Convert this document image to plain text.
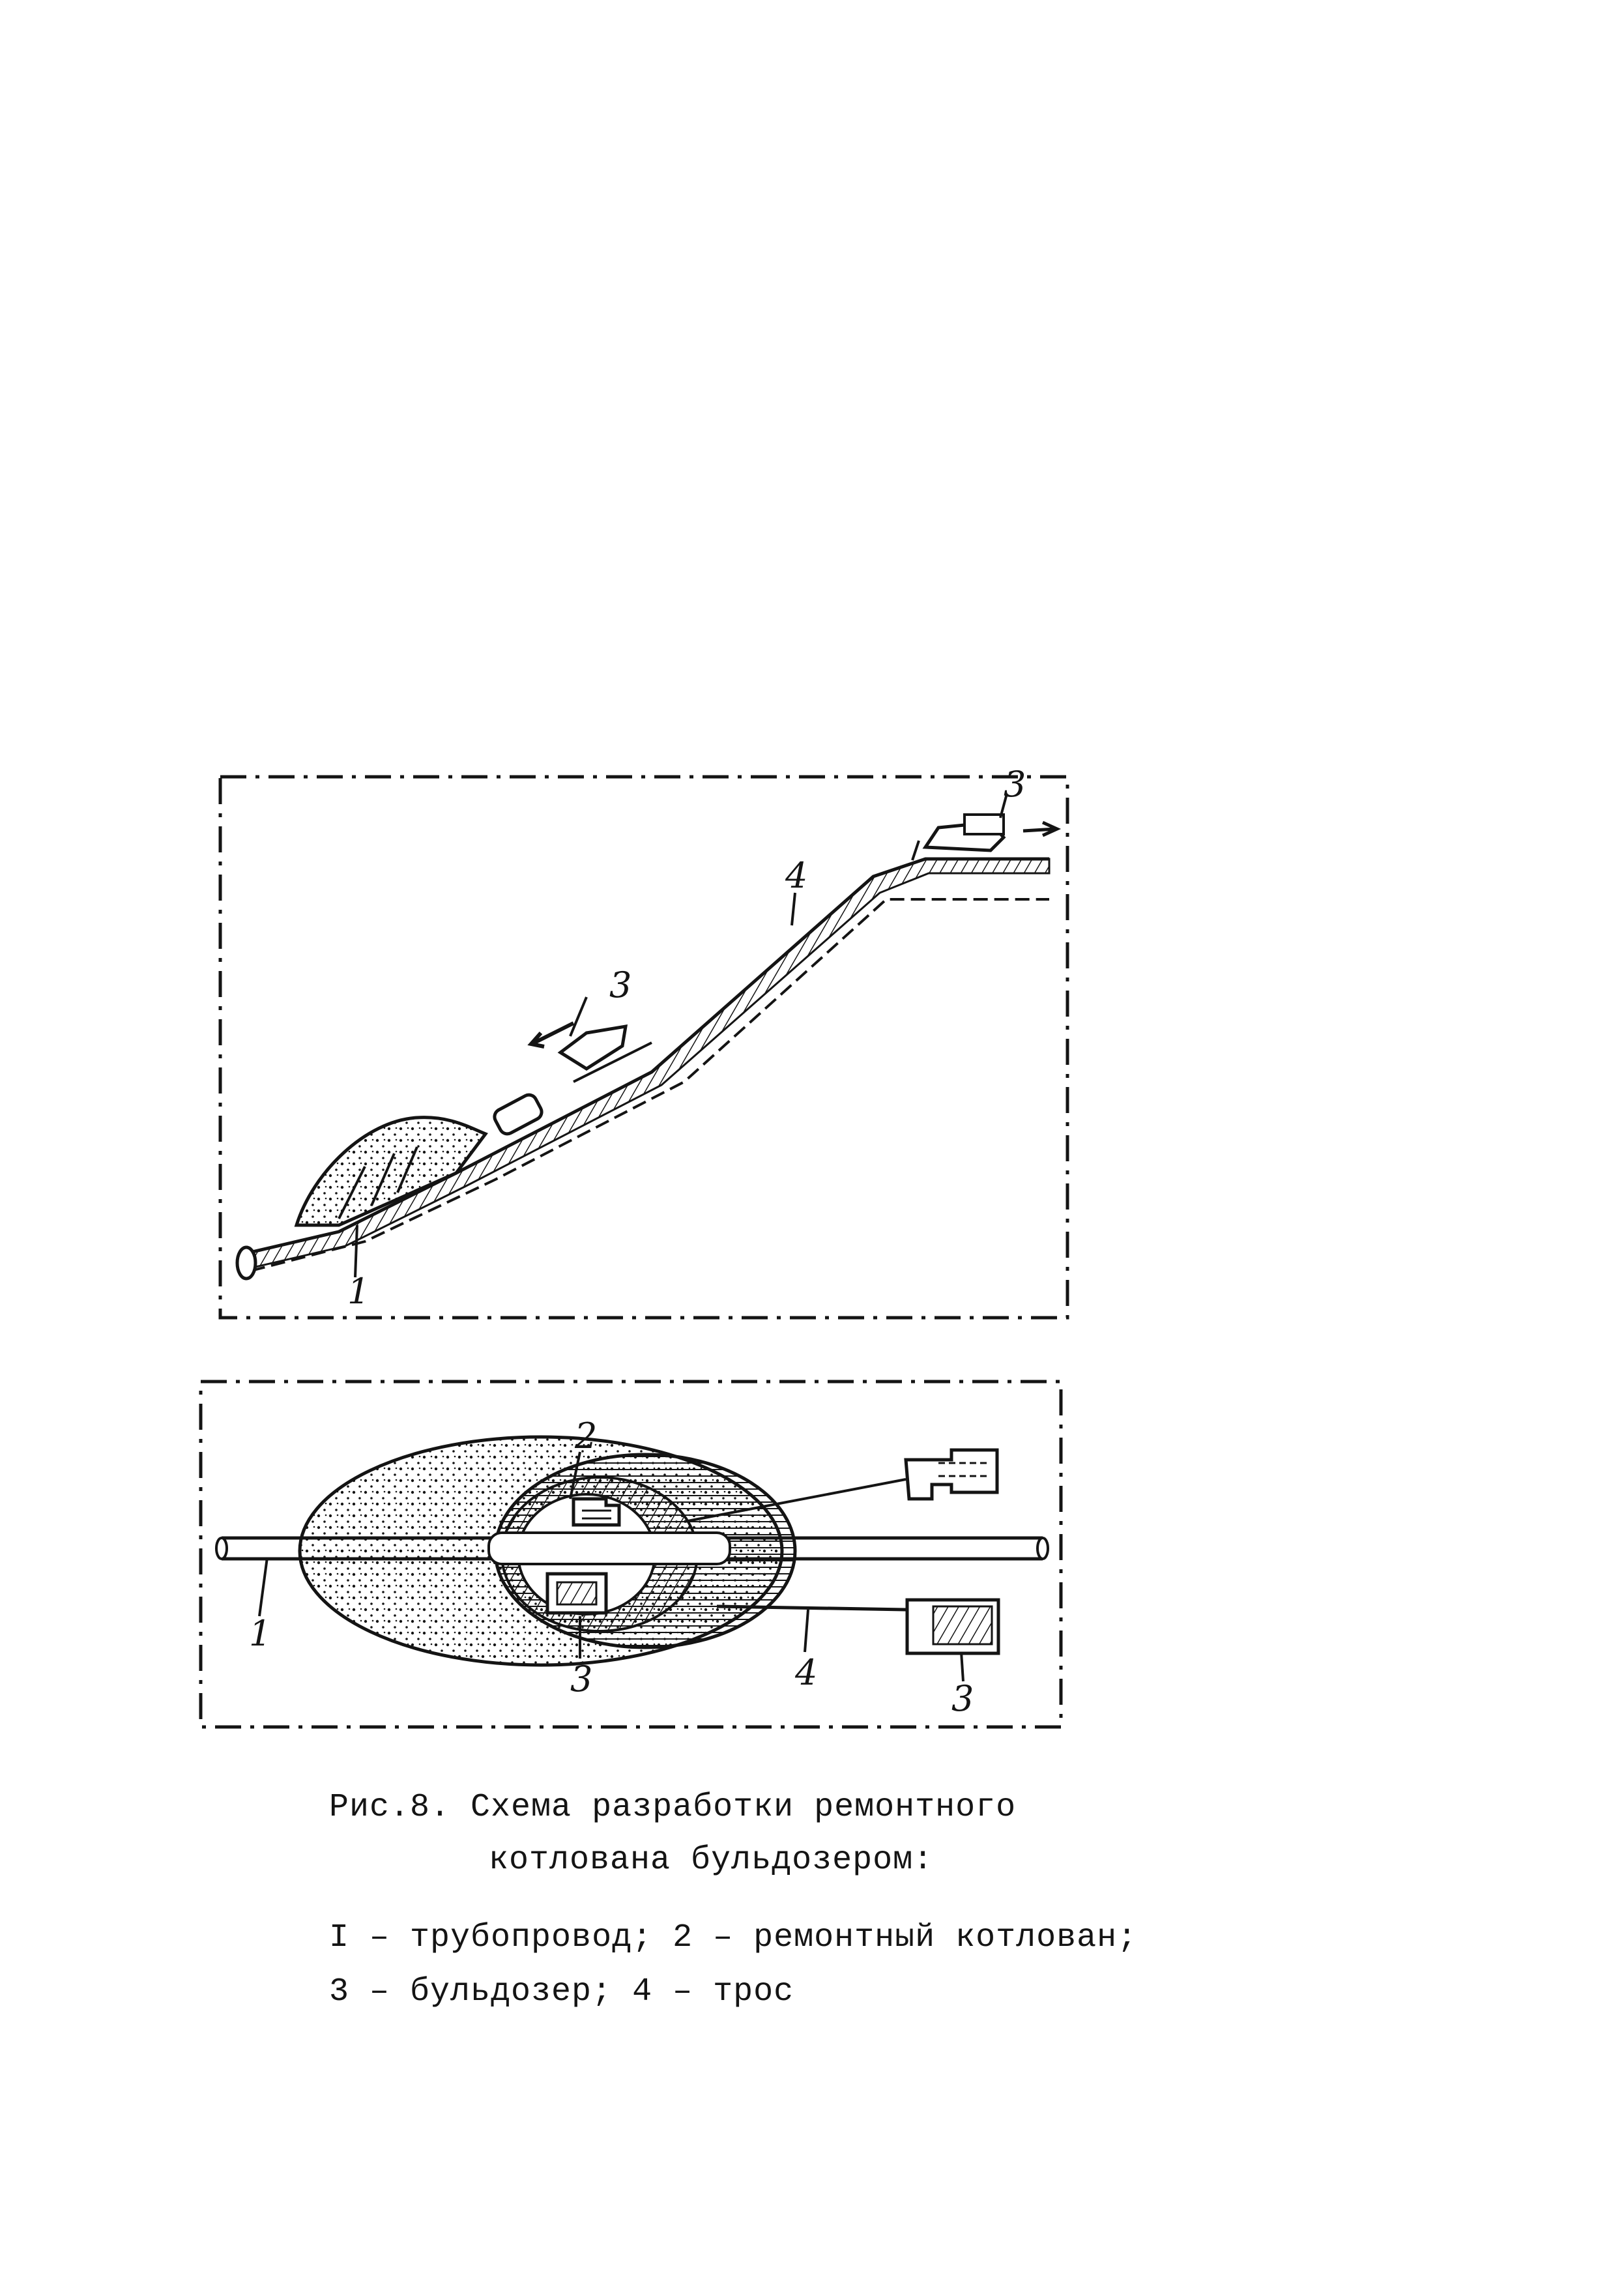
1
3
4
3
2
1
3	4
3
Рис.8. Схема разработки ремонтного
котлована бульдозером:
I – трубопровод; 2 – ремонтный котлован;
3 – бульдозер; 4 – трос
